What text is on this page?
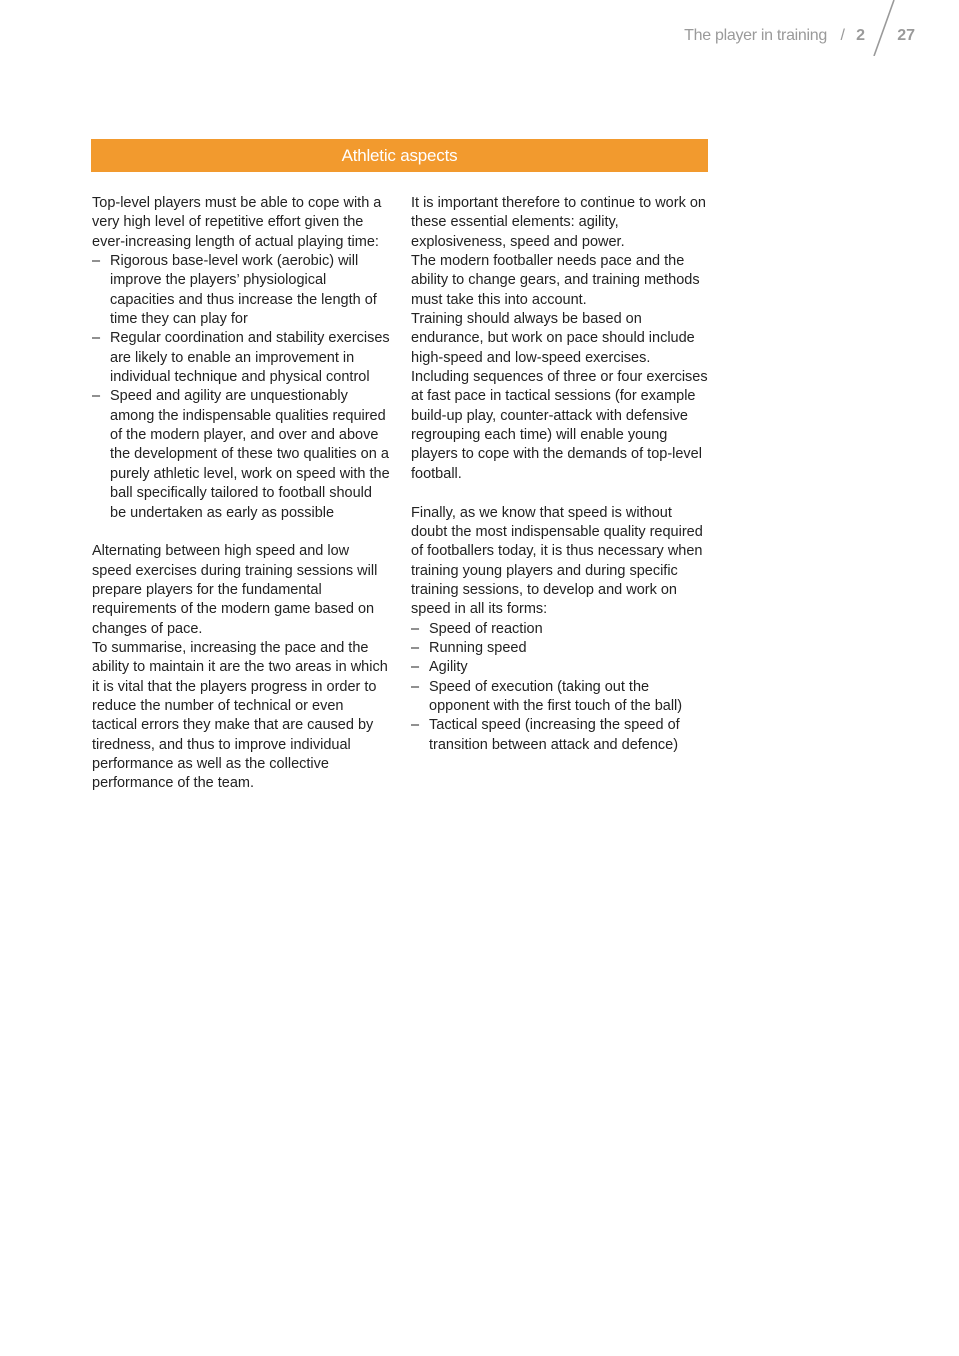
The player in training / 2 27
Athletic aspects

Top-level players must be able to cope with a very high level of repetitive effort given the ever-increasing length of actual playing time:

– Rigorous base-level work (aerobic) will improve the players’ physiological capacities and thus increase the length of time they can play for
– Regular coordination and stability exercises are likely to enable an improvement in individual technique and physical control
– Speed and agility are unquestionably among the indispensable qualities required of the modern player, and over and above the development of these two qualities on a purely athletic level, work on speed with the ball specifically tailored to football should be undertaken as early as possible

Alternating between high speed and low speed exercises during training sessions will prepare players for the fundamental requirements of the modern game based on changes of pace.

To summarise, increasing the pace and the ability to maintain it are the two areas in which it is vital that the players progress in order to reduce the number of technical or even tactical errors they make that are caused by tiredness, and thus to improve individual performance as well as the collective performance of the team.

It is important therefore to continue to work on these essential elements: agility, explosiveness, speed and power.

The modern footballer needs pace and the ability to change gears, and training methods must take this into account.

Training should always be based on endurance, but work on pace should include high-speed and low-speed exercises.

Including sequences of three or four exercises at fast pace in tactical sessions (for example build-up play, counter-attack with defensive regrouping each time) will enable young players to cope with the demands of top-level football.

Finally, as we know that speed is without doubt the most indispensable quality required of footballers today, it is thus necessary when training young players and during specific training sessions, to develop and work on speed in all its forms:

– Speed of reaction
– Running speed
– Agility
– Speed of execution (taking out the opponent with the first touch of the ball)
– Tactical speed (increasing the speed of transition between attack and defence)
